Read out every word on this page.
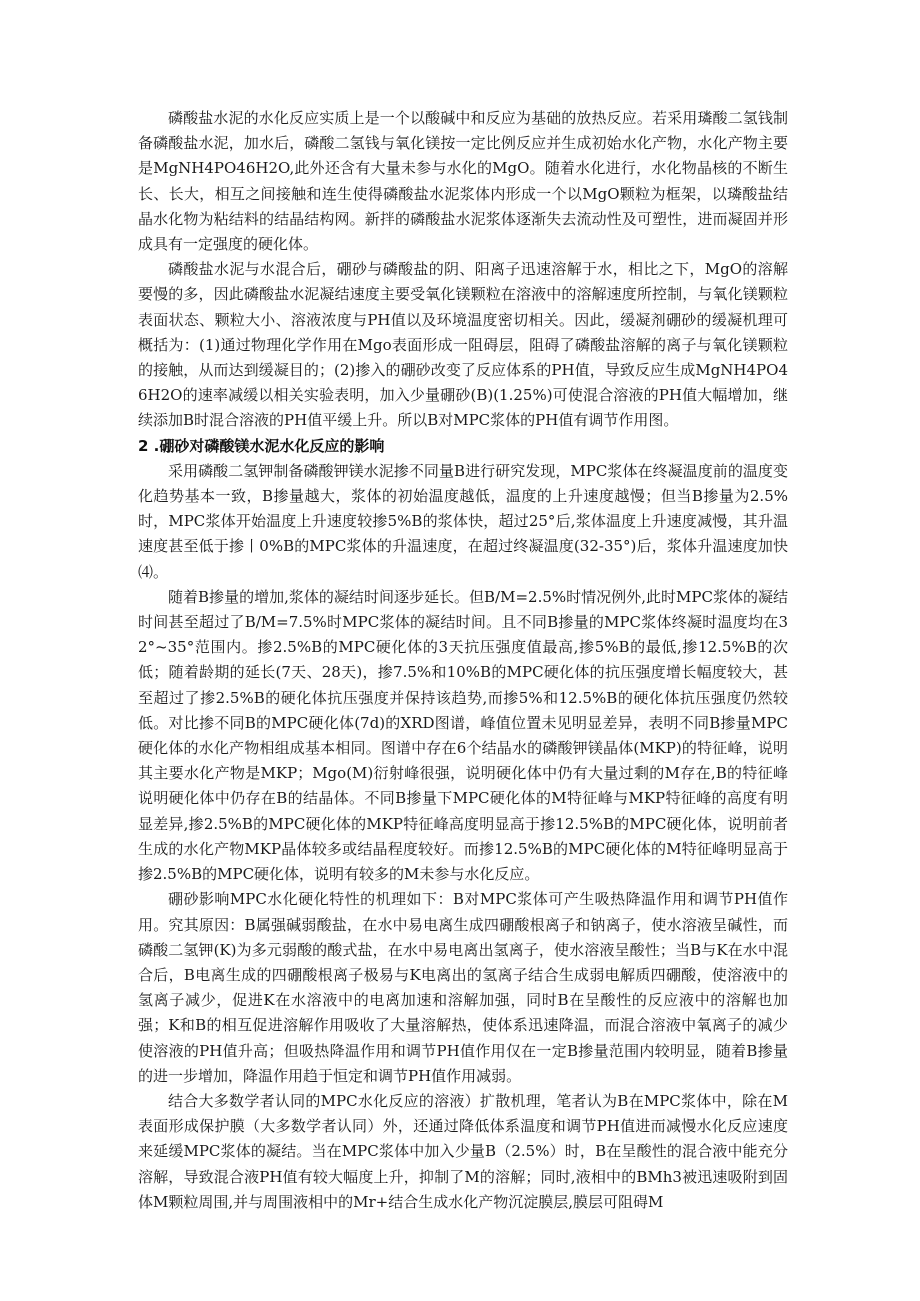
磷酸盐水泥的水化反应实质上是一个以酸碱中和反应为基础的放热反应。若采用璘酸二氢钱制备磷酸盐水泥，加水后，磷酸二氢钱与氧化镁按一定比例反应并生成初始水化产物，水化产物主要是MgNH4PO46H2O,此外还含有大量未参与水化的MgO。随着水化进行，水化物晶核的不断生长、长大，相互之间接触和连生使得磷酸盐水泥浆体内形成一个以MgO颗粒为框架，以璘酸盐结晶水化物为粘结料的结晶结构网。新拌的磷酸盐水泥浆体逐渐失去流动性及可塑性，进而凝固并形成具有一定强度的硬化体。

磷酸盐水泥与水混合后，硼砂与磷酸盐的阴、阳离子迅速溶解于水，相比之下，MgO的溶解要慢的多，因此磷酸盐水泥凝结速度主要受氧化镁颗粒在溶液中的溶解速度所控制，与氧化镁颗粒表面状态、颗粒大小、溶液浓度与PH值以及环境温度密切相关。因此，缓凝剂硼砂的缓凝机理可概括为：(1)通过物理化学作用在Mgo表面形成一阻碍层，阻碍了磷酸盐溶解的离子与氧化镁颗粒的接触，从而达到缓凝目的；(2)掺入的硼砂改变了反应体系的PH值，导致反应生成MgNH4PO46H2O的速率减缓以相关实验表明，加入少量硼砂(B)(1.25%)可使混合溶液的PH值大幅增加，继续添加B时混合溶液的PH值平缓上升。所以B对MPC浆体的PH值有调节作用图。

2 .硼砂对磷酸镁水泥水化反应的影响

采用磷酸二氢钾制备磷酸钾镁水泥掺不同量B进行研究发现，MPC浆体在终凝温度前的温度变化趋势基本一致，B掺量越大，浆体的初始温度越低，温度的上升速度越慢；但当B掺量为2.5%时，MPC浆体开始温度上升速度较掺5%B的浆体快，超过25°后,浆体温度上升速度减慢，其升温速度甚至低于掺丨0%B的MPC浆体的升温速度，在超过终凝温度(32-35°)后，浆体升温速度加快⑷。

随着B掺量的增加,浆体的凝结时间逐步延长。但B/M=2.5%时情况例外,此时MPC浆体的凝结时间甚至超过了B/M=7.5%时MPC浆体的凝结时间。且不同B掺量的MPC浆体终凝时温度均在32°~35°范围内。掺2.5%B的MPC硬化体的3天抗压强度值最高,掺5%B的最低,掺12.5%B的次低；随着龄期的延长(7天、28天)，掺7.5%和10%B的MPC硬化体的抗压强度增长幅度较大，甚至超过了掺2.5%B的硬化体抗压强度并保持该趋势,而掺5%和12.5%B的硬化体抗压强度仍然较低。对比掺不同B的MPC硬化体(7d)的XRD图谱，峰值位置未见明显差异，表明不同B掺量MPC硬化体的水化产物相组成基本相同。图谱中存在6个结晶水的磷酸钾镁晶体(MKP)的特征峰，说明其主要水化产物是MKP；Mgo(M)衍射峰很强，说明硬化体中仍有大量过剩的M存在,B的特征峰说明硬化体中仍存在B的结晶体。不同B掺量下MPC硬化体的M特征峰与MKP特征峰的高度有明显差异,掺2.5%B的MPC硬化体的MKP特征峰高度明显高于掺12.5%B的MPC硬化体，说明前者生成的水化产物MKP晶体较多或结晶程度较好。而掺12.5%B的MPC硬化体的M特征峰明显高于掺2.5%B的MPC硬化体，说明有较多的M未参与水化反应。

硼砂影响MPC水化硬化特性的机理如下：B对MPC浆体可产生吸热降温作用和调节PH值作用。究其原因：B属强碱弱酸盐，在水中易电离生成四硼酸根离子和钠离子，使水溶液呈碱性，而磷酸二氢钾(K)为多元弱酸的酸式盐，在水中易电离出氢离子，使水溶液呈酸性；当B与K在水中混合后，B电离生成的四硼酸根离子极易与K电离出的氢离子结合生成弱电解质四硼酸，使溶液中的氢离子减少，促进K在水溶液中的电离加速和溶解加强，同时B在呈酸性的反应液中的溶解也加强；K和B的相互促进溶解作用吸收了大量溶解热，使体系迅速降温，而混合溶液中氧离子的减少使溶液的PH值升高；但吸热降温作用和调节PH值作用仅在一定B掺量范围内较明显，随着B掺量的进一步增加，降温作用趋于恒定和调节PH值作用减弱。

结合大多数学者认同的MPC水化反应的溶液）扩散机理，笔者认为B在MPC浆体中，除在M表面形成保护膜（大多数学者认同）外，还通过降低体系温度和调节PH值进而减慢水化反应速度来延缓MPC浆体的凝结。当在MPC浆体中加入少量B（2.5%）时，B在呈酸性的混合液中能充分溶解，导致混合液PH值有较大幅度上升，抑制了M的溶解；同时,液相中的BMh3被迅速吸附到固体M颗粒周围,并与周围液相中的Mr+结合生成水化产物沉淀膜层,膜层可阻碍M
